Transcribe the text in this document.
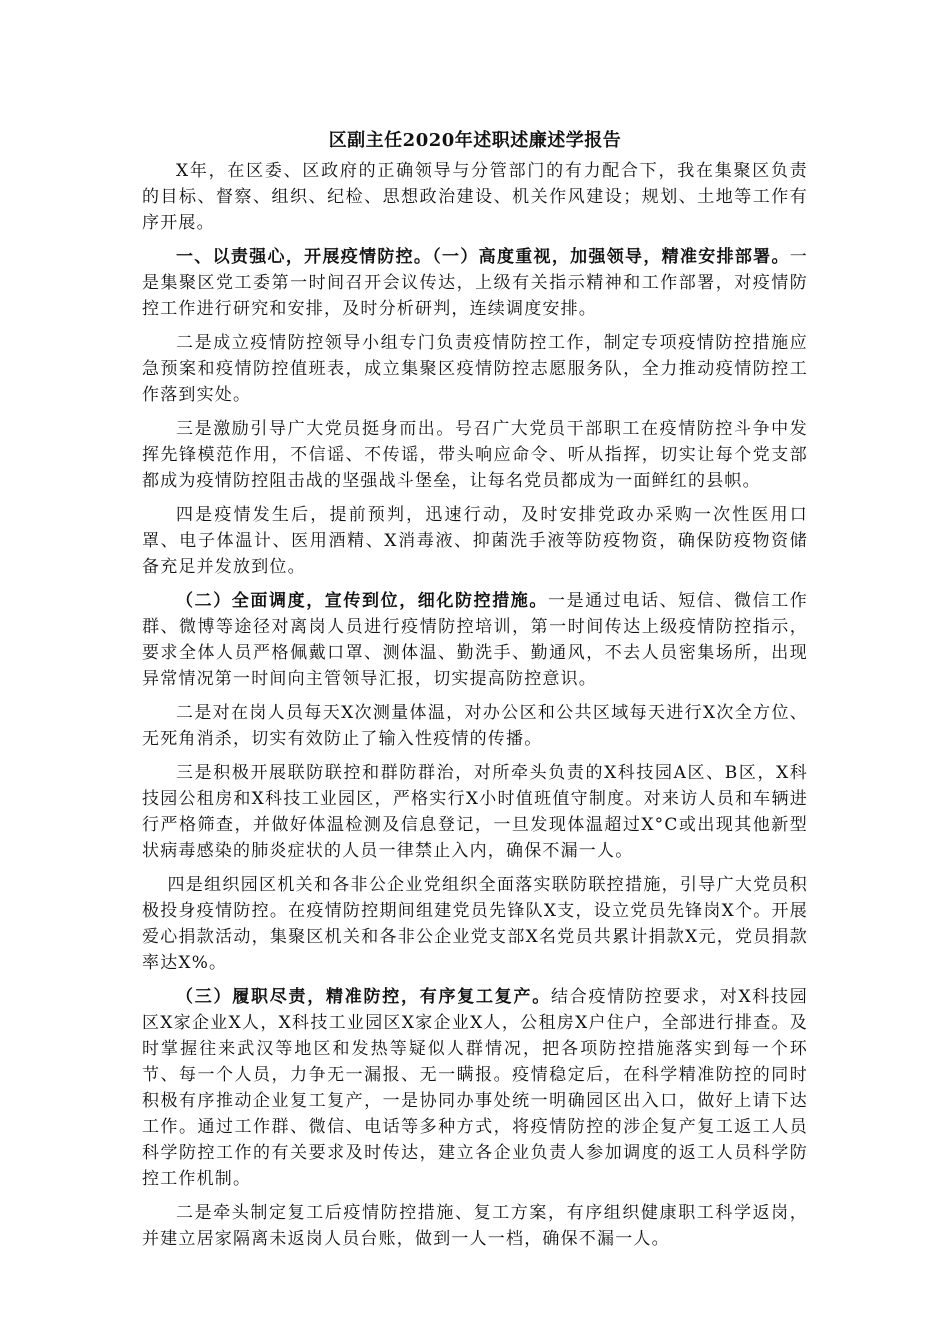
区副主任2020年述职述廉述学报告

X年，在区委、区政府的正确领导与分管部门的有力配合下，我在集聚区负责的目标、督察、组织、纪检、思想政治建设、机关作风建设；规划、土地等工作有序开展。

一、以责强心，开展疫情防控。（一）高度重视，加强领导，精准安排部署。一是集聚区党工委第一时间召开会议传达，上级有关指示精神和工作部署，对疫情防控工作进行研究和安排，及时分析研判，连续调度安排。

二是成立疫情防控领导小组专门负责疫情防控工作，制定专项疫情防控措施应急预案和疫情防控值班表，成立集聚区疫情防控志愿服务队，全力推动疫情防控工作落到实处。

三是激励引导广大党员挺身而出。号召广大党员干部职工在疫情防控斗争中发挥先锋模范作用，不信谣、不传谣，带头响应命令、听从指挥，切实让每个党支部都成为疫情防控阻击战的坚强战斗堡垒，让每名党员都成为一面鲜红的县帜。

四是疫情发生后，提前预判，迅速行动，及时安排党政办采购一次性医用口罩、电子体温计、医用酒精、X消毒液、抑菌洗手液等防疫物资，确保防疫物资储备充足并发放到位。

（二）全面调度，宣传到位，细化防控措施。一是通过电话、短信、微信工作群、微博等途径对离岗人员进行疫情防控培训，第一时间传达上级疫情防控指示，要求全体人员严格佩戴口罩、测体温、勤洗手、勤通风，不去人员密集场所，出现异常情况第一时间向主管领导汇报，切实提高防控意识。

二是对在岗人员每天X次测量体温，对办公区和公共区域每天进行X次全方位、无死角消杀，切实有效防止了输入性疫情的传播。

三是积极开展联防联控和群防群治，对所牵头负责的X科技园A区、B区，X科技园公租房和X科技工业园区，严格实行X小时值班值守制度。对来访人员和车辆进行严格筛查，并做好体温检测及信息登记，一旦发现体温超过X°C或出现其他新型状病毒感染的肺炎症状的人员一律禁止入内，确保不漏一人。

四是组织园区机关和各非公企业党组织全面落实联防联控措施，引导广大党员积极投身疫情防控。在疫情防控期间组建党员先锋队X支，设立党员先锋岗X个。开展爱心捐款活动，集聚区机关和各非公企业党支部X名党员共累计捐款X元，党员捐款率达X%。

（三）履职尽责，精准防控，有序复工复产。结合疫情防控要求，对X科技园区X家企业X人，X科技工业园区X家企业X人，公租房X户住户，全部进行排查。及时掌握往来武汉等地区和发热等疑似人群情况，把各项防控措施落实到每一个环节、每一个人员，力争无一漏报、无一瞒报。疫情稳定后，在科学精准防控的同时积极有序推动企业复工复产，一是协同办事处统一明确园区出入口，做好上请下达工作。通过工作群、微信、电话等多种方式，将疫情防控的涉企复产复工返工人员科学防控工作的有关要求及时传达，建立各企业负责人参加调度的返工人员科学防控工作机制。

二是牵头制定复工后疫情防控措施、复工方案，有序组织健康职工科学返岗，并建立居家隔离未返岗人员台账，做到一人一档，确保不漏一人。
